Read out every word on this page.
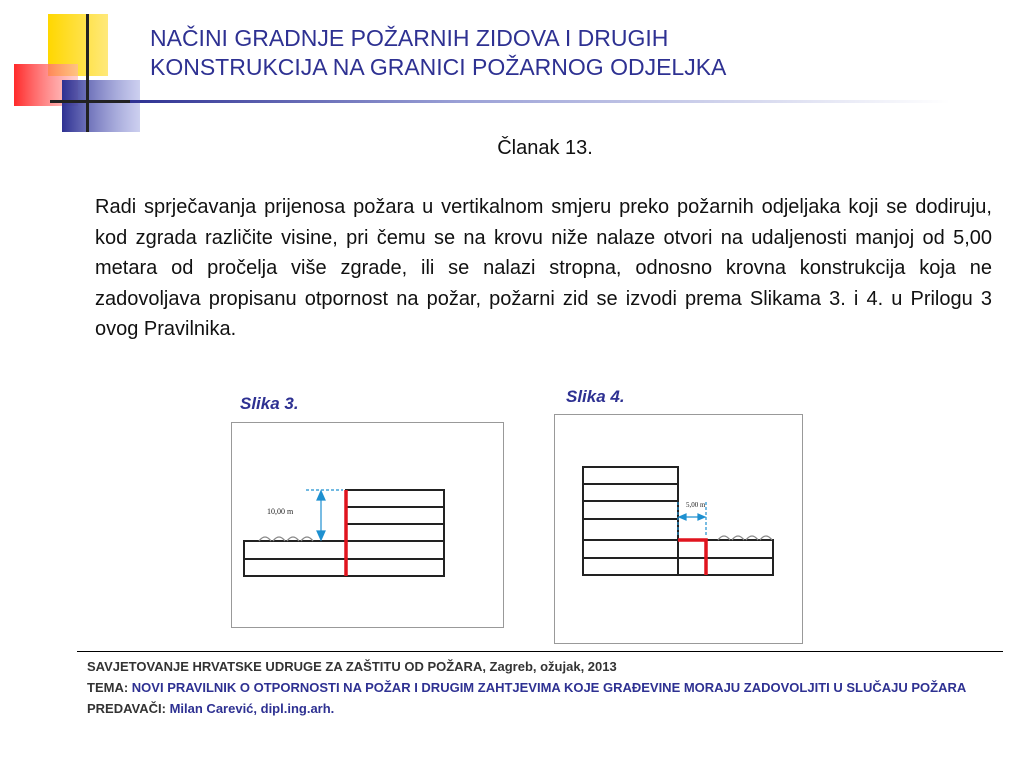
NAČINI GRADNJE POŽARNIH ZIDOVA I DRUGIH
KONSTRUKCIJA NA GRANICI POŽARNOG ODJELJKA
Članak 13.

Radi sprječavanja prijenosa požara u vertikalnom smjeru preko požarnih odjeljaka koji se dodiruju, kod zgrada različite visine, pri čemu se na krovu niže nalaze otvori na udaljenosti manjoj od 5,00 metara od pročelja više zgrade, ili se nalazi stropna, odnosno krovna konstrukcija koja ne zadovoljava propisanu otpornost na požar, požarni zid se izvodi prema Slikama 3. i 4. u Prilogu 3 ovog Pravilnika.

Slika 3.
10,00 m
Slika 4.
5,00 m

SAVJETOVANJE HRVATSKE UDRUGE ZA ZAŠTITU OD POŽARA, Zagreb, ožujak, 2013

TEMA: NOVI PRAVILNIK O OTPORNOSTI NA POŽAR I DRUGIM ZAHTJEVIMA KOJE GRAĐEVINE MORAJU ZADOVOLJITI U SLUČAJU POŽARA

PREDAVAČI: Milan Carević, dipl.ing.arh.
